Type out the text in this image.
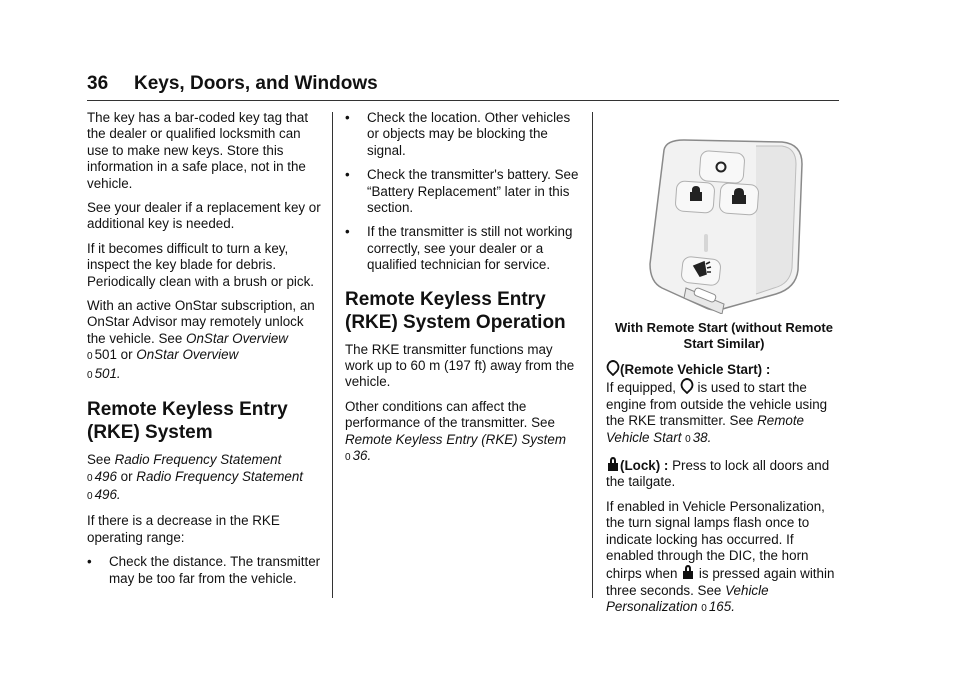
36 Keys, Doors, and Windows

The key has a bar-coded key tag that the dealer or qualified locksmith can use to make new keys. Store this information in a safe place, not in the vehicle.

See your dealer if a replacement key or additional key is needed.

If it becomes difficult to turn a key, inspect the key blade for debris. Periodically clean with a brush or pick.

With an active OnStar subscription, an OnStar Advisor may remotely unlock the vehicle. See OnStar Overview
0 501 or OnStar Overview
0 501.

Remote Keyless Entry (RKE) System

See Radio Frequency Statement
0 496 or Radio Frequency Statement 0 496.

If there is a decrease in the RKE operating range:

• Check the distance. The transmitter may be too far from the vehicle.
• Check the location. Other vehicles or objects may be blocking the signal.
• Check the transmitter's battery. See “Battery Replacement” later in this section.
• If the transmitter is still not working correctly, see your dealer or a qualified technician for service.
Remote Keyless Entry (RKE) System Operation

The RKE transmitter functions may work up to 60 m (197 ft) away from the vehicle.

Other conditions can affect the performance of the transmitter. See Remote Keyless Entry (RKE) System 0 36.

With Remote Start (without Remote Start Similar)

(Remote Vehicle Start) :
If equipped, is used to start the engine from outside the vehicle using the RKE transmitter. See Remote Vehicle Start 0 38.

(Lock) : Press to lock all doors and the tailgate.

If enabled in Vehicle Personalization, the turn signal lamps flash once to indicate locking has occurred. If enabled through the DIC, the horn chirps when is pressed again within three seconds. See Vehicle Personalization 0 165.
